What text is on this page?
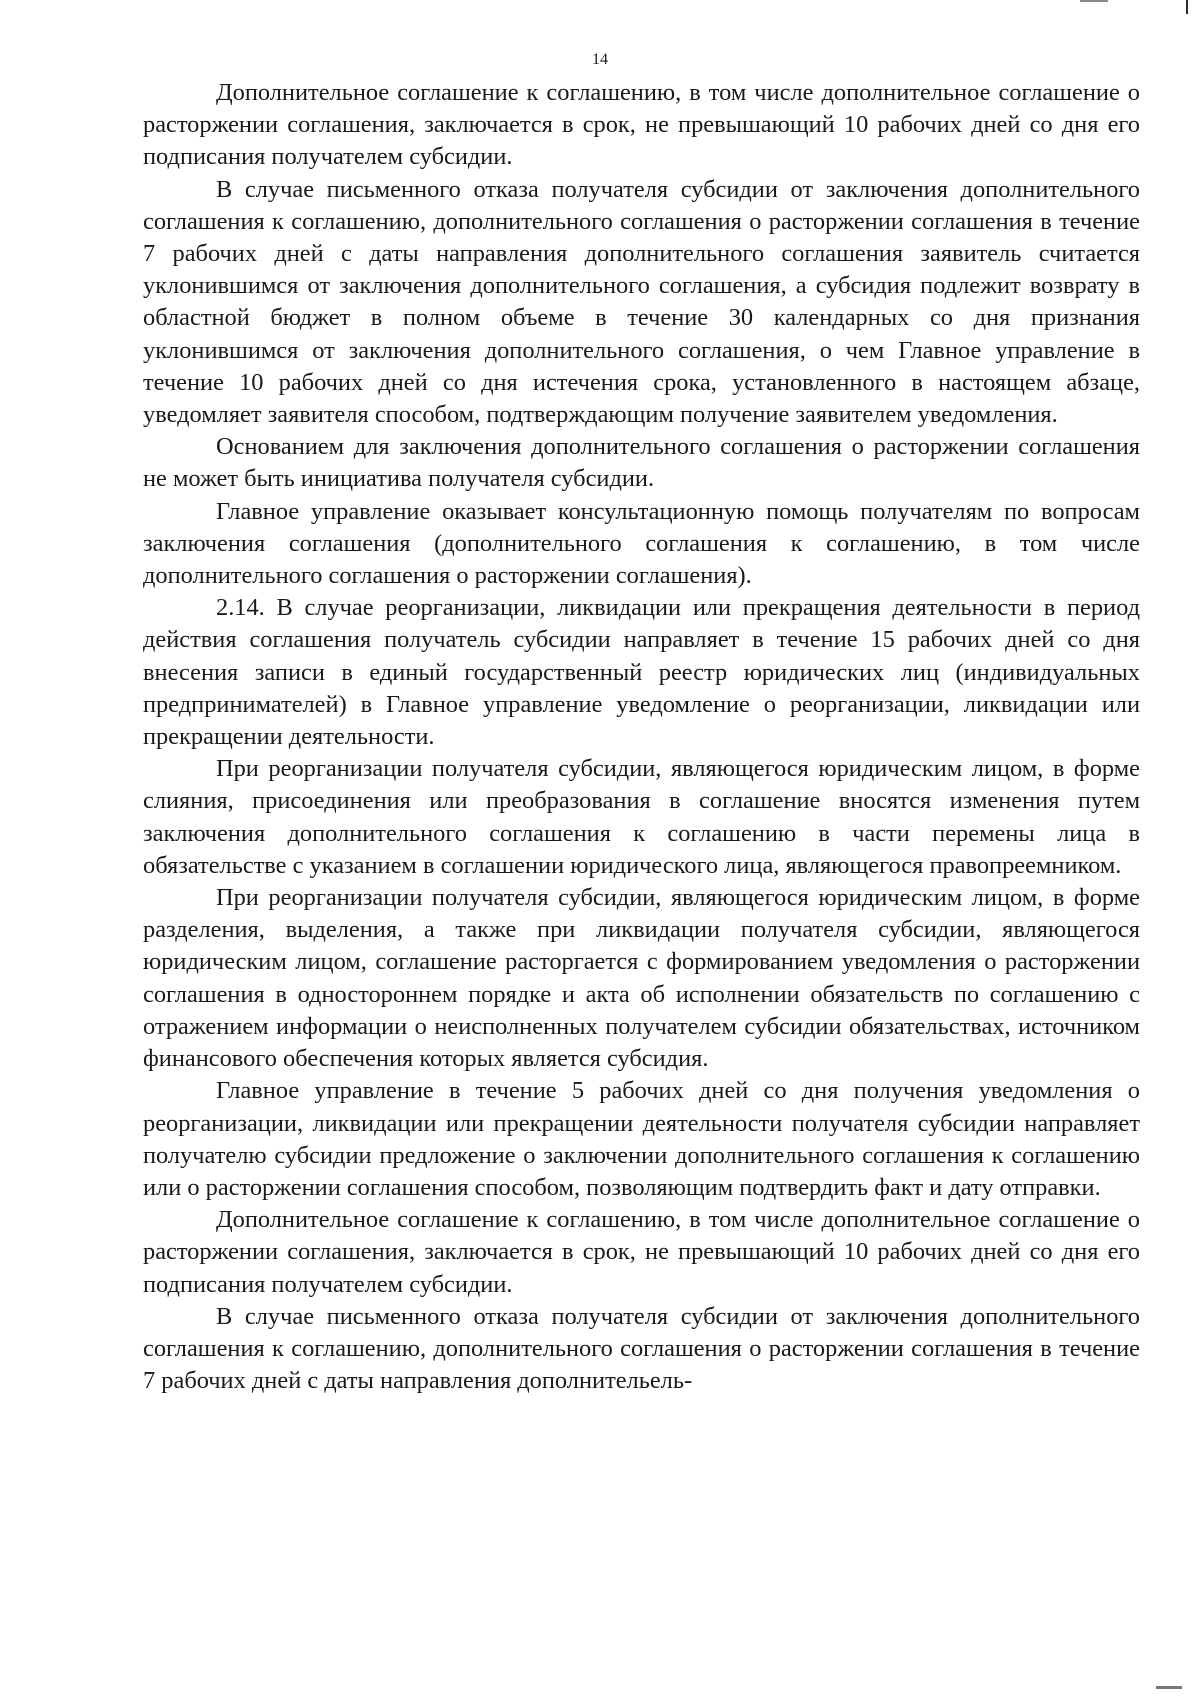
14

Дополнительное соглашение к соглашению, в том числе дополнительное соглашение о расторжении соглашения, заключается в срок, не превышающий 10 рабочих дней со дня его подписания получателем субсидии.

В случае письменного отказа получателя субсидии от заключения дополнительного соглашения к соглашению, дополнительного соглашения о расторжении соглашения в течение 7 рабочих дней с даты направления дополнительного соглашения заявитель считается уклонившимся от заключения дополнительного соглашения, а субсидия подлежит возврату в областной бюджет в полном объеме в течение 30 календарных со дня признания уклонившимся от заключения дополнительного соглашения, о чем Главное управление в течение 10 рабочих дней со дня истечения срока, установленного в настоящем абзаце, уведомляет заявителя способом, подтверждающим получение заявителем уведомления.

Основанием для заключения дополнительного соглашения о расторжении соглашения не может быть инициатива получателя субсидии.

Главное управление оказывает консультационную помощь получателям по вопросам заключения соглашения (дополнительного соглашения к соглашению, в том числе дополнительного соглашения о расторжении соглашения).

2.14. В случае реорганизации, ликвидации или прекращения деятельности в период действия соглашения получатель субсидии направляет в течение 15 рабочих дней со дня внесения записи в единый государственный реестр юридических лиц (индивидуальных предпринимателей) в Главное управление уведомление о реорганизации, ликвидации или прекращении деятельности.

При реорганизации получателя субсидии, являющегося юридическим лицом, в форме слияния, присоединения или преобразования в соглашение вносятся изменения путем заключения дополнительного соглашения к соглашению в части перемены лица в обязательстве с указанием в соглашении юридического лица, являющегося правопреемником.

При реорганизации получателя субсидии, являющегося юридическим лицом, в форме разделения, выделения, а также при ликвидации получателя субсидии, являющегося юридическим лицом, соглашение расторгается с формированием уведомления о расторжении соглашения в одностороннем порядке и акта об исполнении обязательств по соглашению с отражением информации о неисполненных получателем субсидии обязательствах, источником финансового обеспечения которых является субсидия.

Главное управление в течение 5 рабочих дней со дня получения уведомления о реорганизации, ликвидации или прекращении деятельности получателя субсидии направляет получателю субсидии предложение о заключении дополнительного соглашения к соглашению или о расторжении соглашения способом, позволяющим подтвердить факт и дату отправки.

Дополнительное соглашение к соглашению, в том числе дополнительное соглашение о расторжении соглашения, заключается в срок, не превышающий 10 рабочих дней со дня его подписания получателем субсидии.

В случае письменного отказа получателя субсидии от заключения дополнительного соглашения к соглашению, дополнительного соглашения о расторжении соглашения в течение 7 рабочих дней с даты направления дополнительель-
